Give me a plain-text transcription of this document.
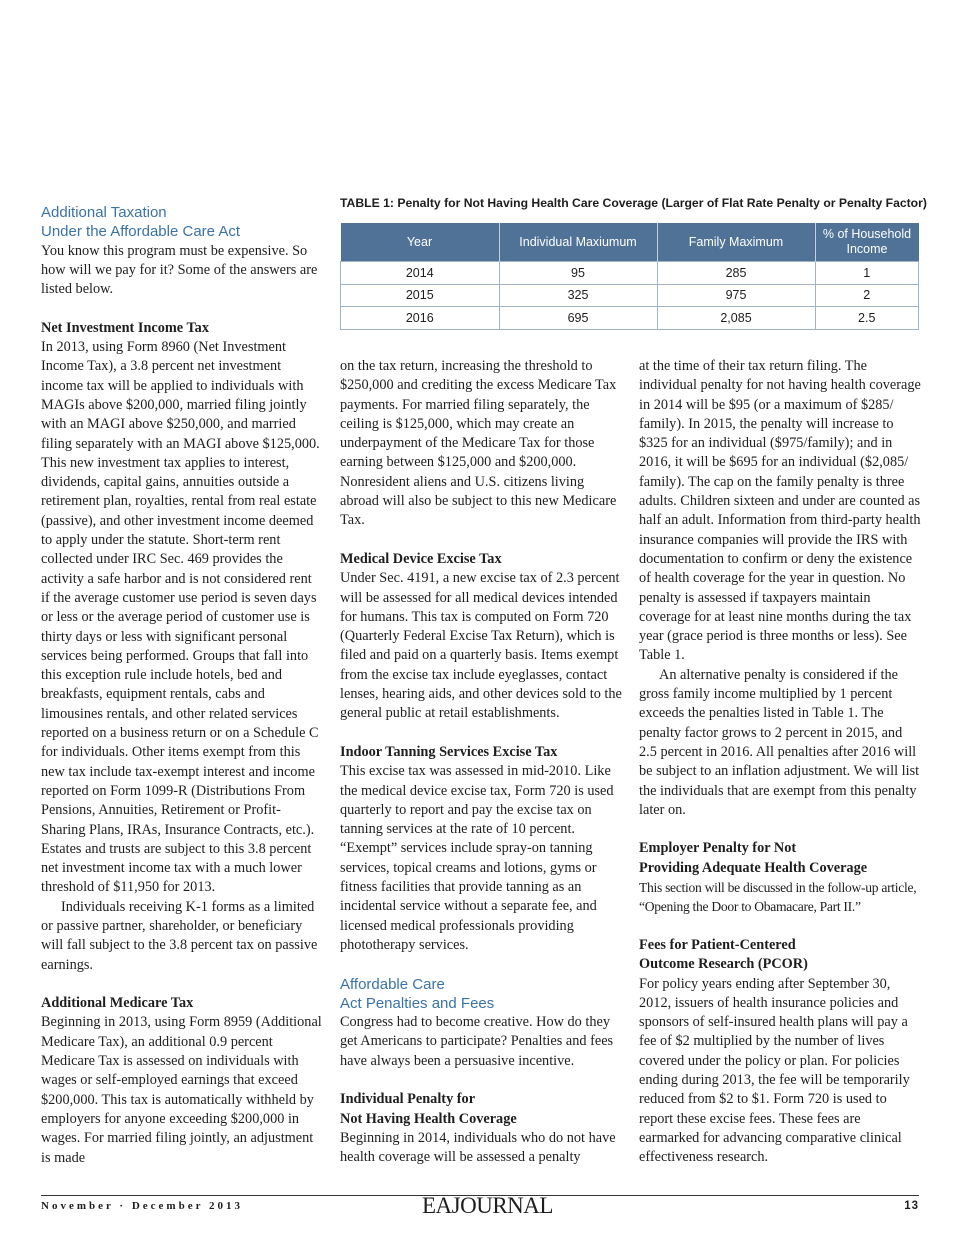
Additional Taxation
Under the Affordable Care Act

You know this program must be expensive. So how will we pay for it? Some of the answers are listed below.

Net Investment Income Tax

In 2013, using Form 8960 (Net Investment Income Tax), a 3.8 percent net investment income tax will be applied to individuals with MAGIs above $200,000, married filing jointly with an MAGI above $250,000, and married filing separately with an MAGI above $125,000. This new investment tax applies to interest, dividends, capital gains, annuities outside a retirement plan, royalties, rental from real estate (passive), and other investment income deemed to apply under the statute. Short-term rent collected under IRC Sec. 469 provides the activity a safe harbor and is not considered rent if the average customer use period is seven days or less or the average period of customer use is thirty days or less with significant personal services being performed. Groups that fall into this exception rule include hotels, bed and breakfasts, equipment rentals, cabs and limousines rentals, and other related services reported on a business return or on a Schedule C for individuals. Other items exempt from this new tax include tax-exempt interest and income reported on Form 1099-R (Distributions From Pensions, Annuities, Retirement or Profit-Sharing Plans, IRAs, Insurance Contracts, etc.). Estates and trusts are subject to this 3.8 percent net investment income tax with a much lower threshold of $11,950 for 2013.

Individuals receiving K-1 forms as a limited or passive partner, shareholder, or beneficiary will fall subject to the 3.8 percent tax on passive earnings.

Additional Medicare Tax

Beginning in 2013, using Form 8959 (Additional Medicare Tax), an additional 0.9 percent Medicare Tax is assessed on individuals with wages or self-employed earnings that exceed $200,000. This tax is automatically withheld by employers for anyone exceeding $200,000 in wages. For married filing jointly, an adjustment is made

TABLE 1: Penalty for Not Having Health Care Coverage (Larger of Flat Rate Penalty or Penalty Factor)
Year	Individual Maxiumum	Family Maximum	% of Household Income
2014	95	285	1
2015	325	975	2
2016	695	2,085	2.5

on the tax return, increasing the threshold to $250,000 and crediting the excess Medicare Tax payments. For married filing separately, the ceiling is $125,000, which may create an underpayment of the Medicare Tax for those earning between $125,000 and $200,000. Nonresident aliens and U.S. citizens living abroad will also be subject to this new Medicare Tax.

Medical Device Excise Tax

Under Sec. 4191, a new excise tax of 2.3 percent will be assessed for all medical devices intended for humans. This tax is computed on Form 720 (Quarterly Federal Excise Tax Return), which is filed and paid on a quarterly basis. Items exempt from the excise tax include eyeglasses, contact lenses, hearing aids, and other devices sold to the general public at retail establishments.

Indoor Tanning Services Excise Tax

This excise tax was assessed in mid-2010. Like the medical device excise tax, Form 720 is used quarterly to report and pay the excise tax on tanning services at the rate of 10 percent. “Exempt” services include spray-on tanning services, topical creams and lotions, gyms or fitness facilities that provide tanning as an incidental service without a separate fee, and licensed medical professionals providing phototherapy services.

Affordable Care
Act Penalties and Fees

Congress had to become creative. How do they get Americans to participate? Penalties and fees have always been a persuasive incentive.

Individual Penalty for
Not Having Health Coverage

Beginning in 2014, individuals who do not have health coverage will be assessed a penalty

at the time of their tax return filing. The individual penalty for not having health coverage in 2014 will be $95 (or a maximum of $285/ family). In 2015, the penalty will increase to $325 for an individual ($975/family); and in 2016, it will be $695 for an individual ($2,085/ family). The cap on the family penalty is three adults. Children sixteen and under are counted as half an adult. Information from third-party health insurance companies will provide the IRS with documentation to confirm or deny the existence of health coverage for the year in question. No penalty is assessed if taxpayers maintain coverage for at least nine months during the tax year (grace period is three months or less). See Table 1.

An alternative penalty is considered if the gross family income multiplied by 1 percent exceeds the penalties listed in Table 1. The penalty factor grows to 2 percent in 2015, and 2.5 percent in 2016. All penalties after 2016 will be subject to an inflation adjustment. We will list the individuals that are exempt from this penalty later on.

Employer Penalty for Not
Providing Adequate Health Coverage

This section will be discussed in the follow-up article, “Opening the Door to Obamacare, Part II.”

Fees for Patient-Centered
Outcome Research (PCOR)

For policy years ending after September 30, 2012, issuers of health insurance policies and sponsors of self-insured health plans will pay a fee of $2 multiplied by the number of lives covered under the policy or plan. For policies ending during 2013, the fee will be temporarily reduced from $2 to $1. Form 720 is used to report these excise fees. These fees are earmarked for advancing comparative clinical effectiveness research.

November · December 2013	EAJOURNAL	13
